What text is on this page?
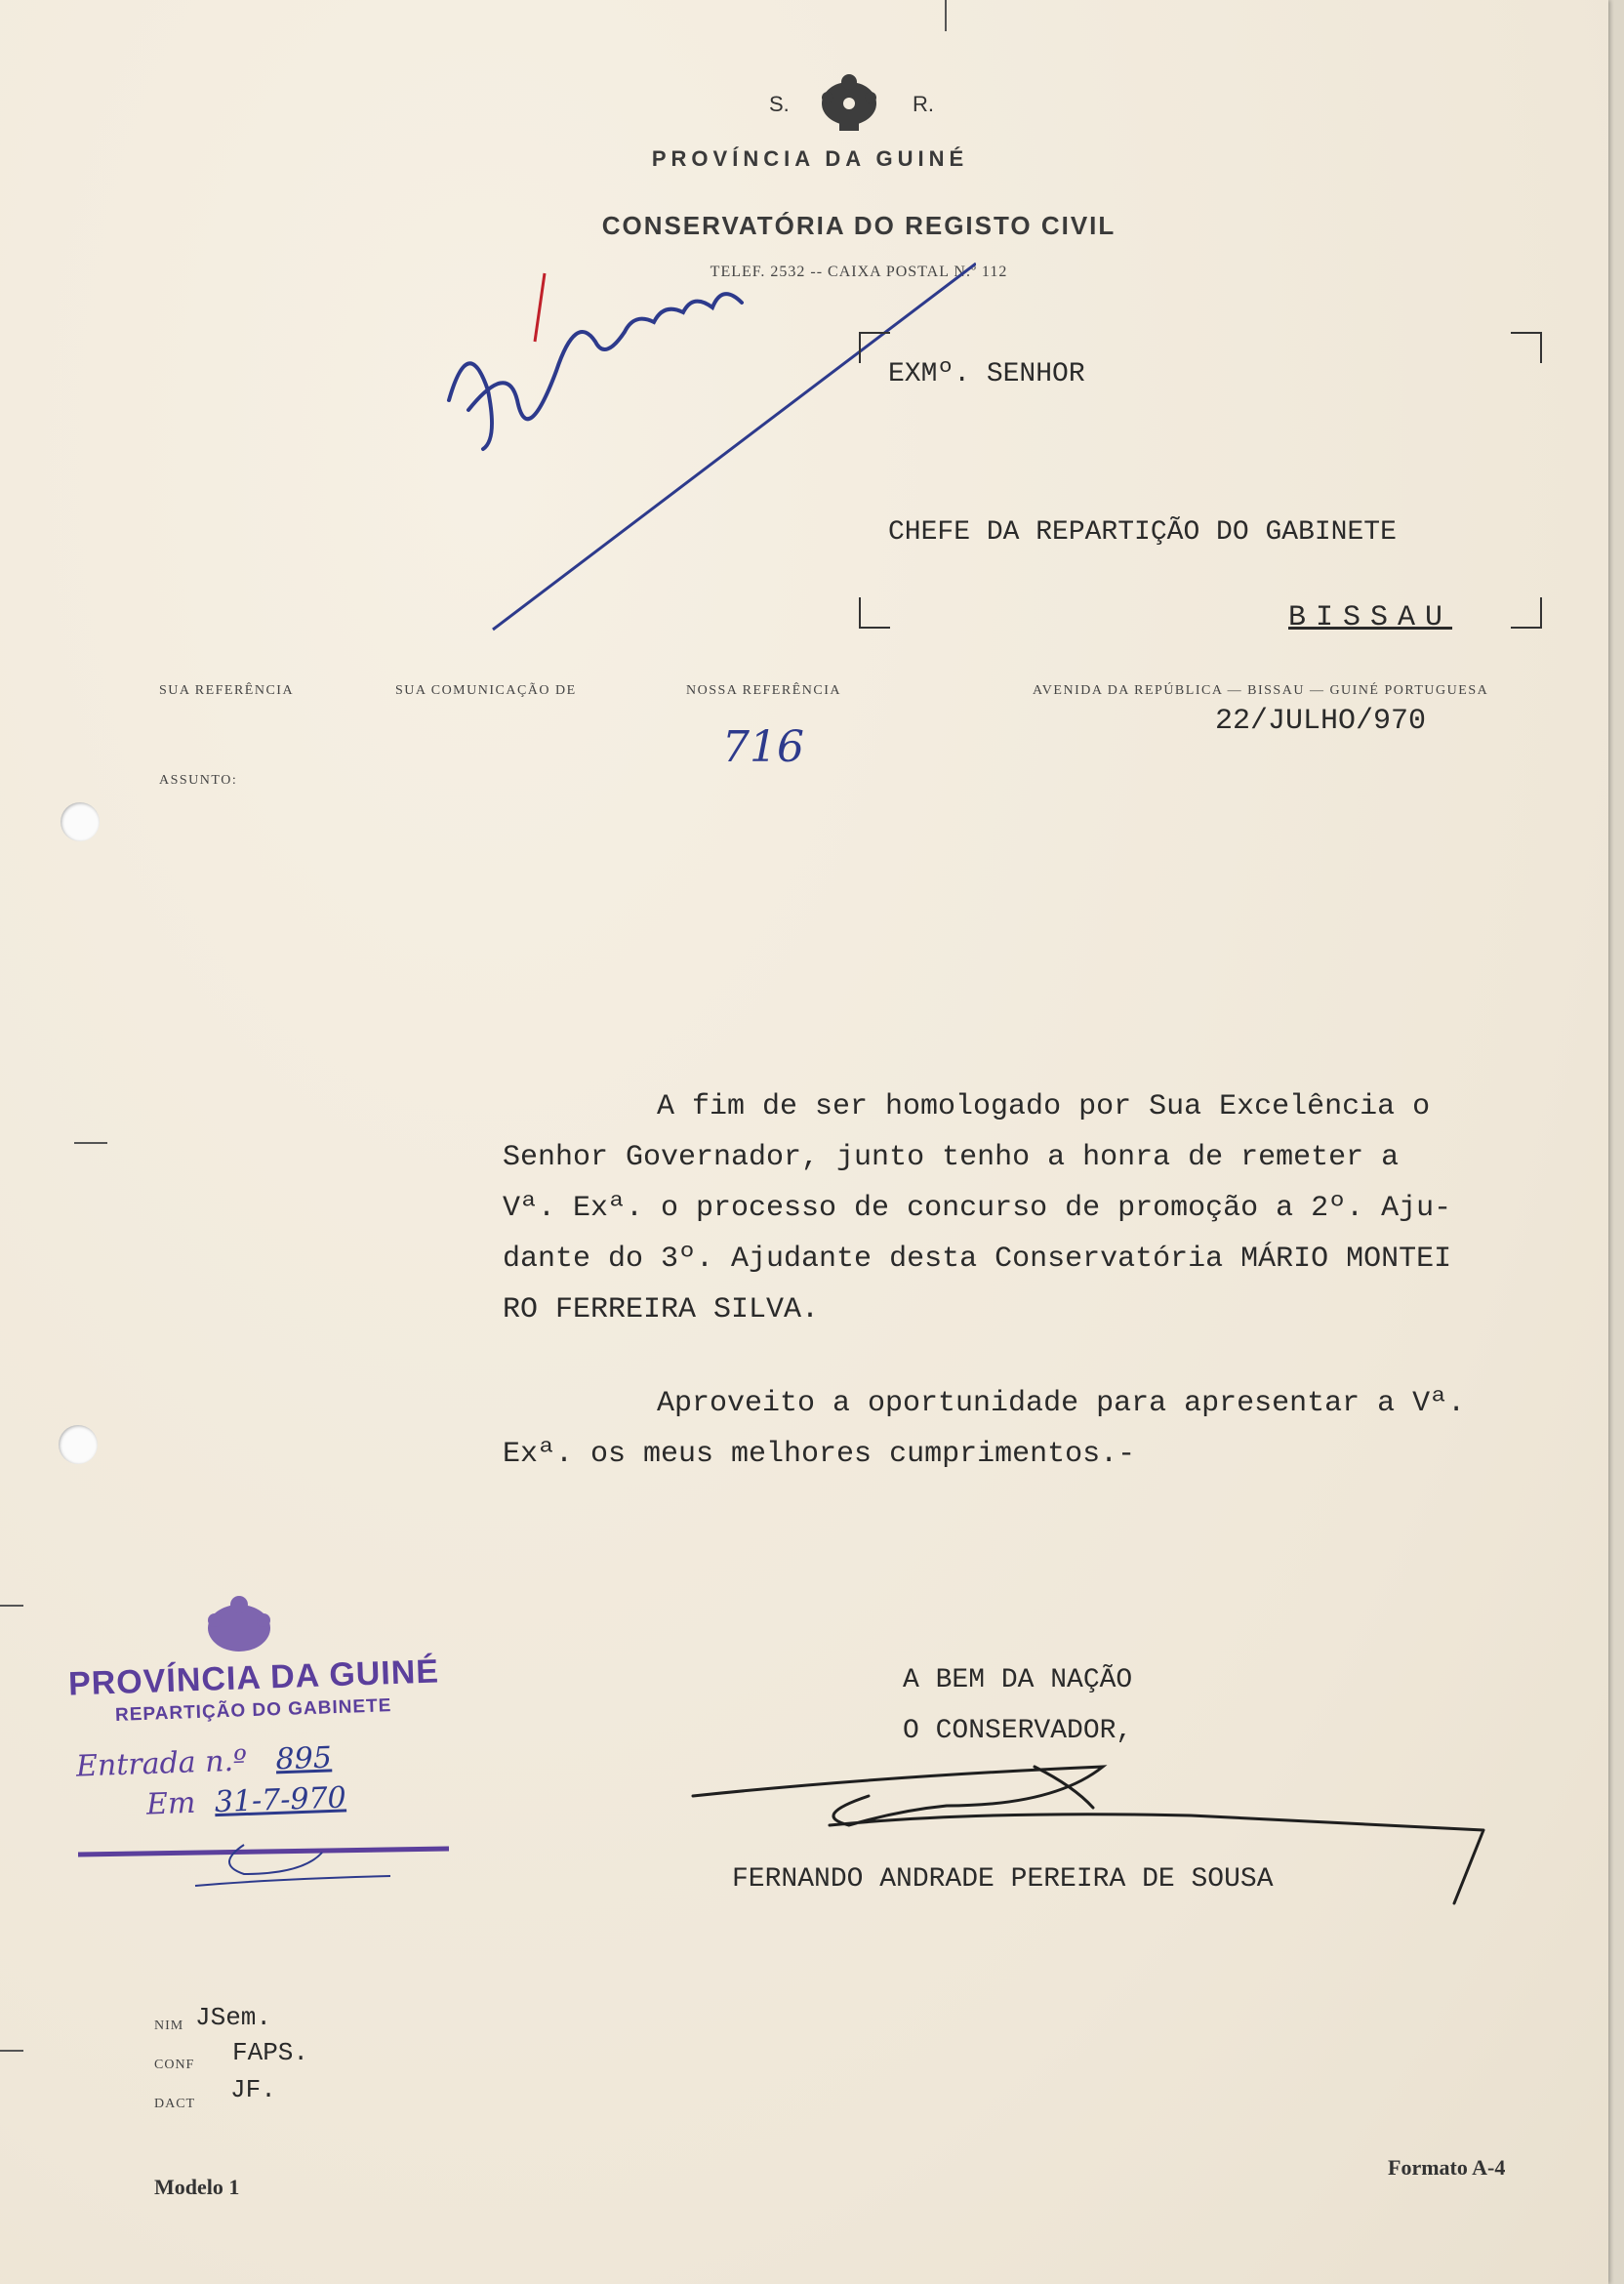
S.	R.
PROVÍNCIA DA GUINÉ
CONSERVATÓRIA DO REGISTO CIVIL
TELEF. 2532 -- CAIXA POSTAL N.º 112
EXMº. SENHOR
CHEFE DA REPARTIÇÃO DO GABINETE
BISSAU
SUA REFERÊNCIA	SUA COMUNICAÇÃO DE	NOSSA REFERÊNCIA	AVENIDA DA REPÚBLICA — BISSAU — GUINÉ PORTUGUESA
22/JULHO/970
716
ASSUNTO:

A fim de ser homologado por Sua Excelência o
Senhor Governador, junto tenho a honra de remeter a
Vª. Exª. o processo de concurso de promoção a 2º. Aju-
dante do 3º. Ajudante desta Conservatória MÁRIO MONTEI
RO FERREIRA SILVA.

Aproveito a oportunidade para apresentar a Vª.
Exª. os meus melhores cumprimentos.-

A BEM DA NAÇÃO
O CONSERVADOR,
FERNANDO ANDRADE PEREIRA DE SOUSA
PROVÍNCIA DA GUINÉ
REPARTIÇÃO DO GABINETE
Entrada n.º 895
Em 31-7-970
NIM JSem.
CONF FAPS.
DACT JF.
Modelo 1
Formato A-4
